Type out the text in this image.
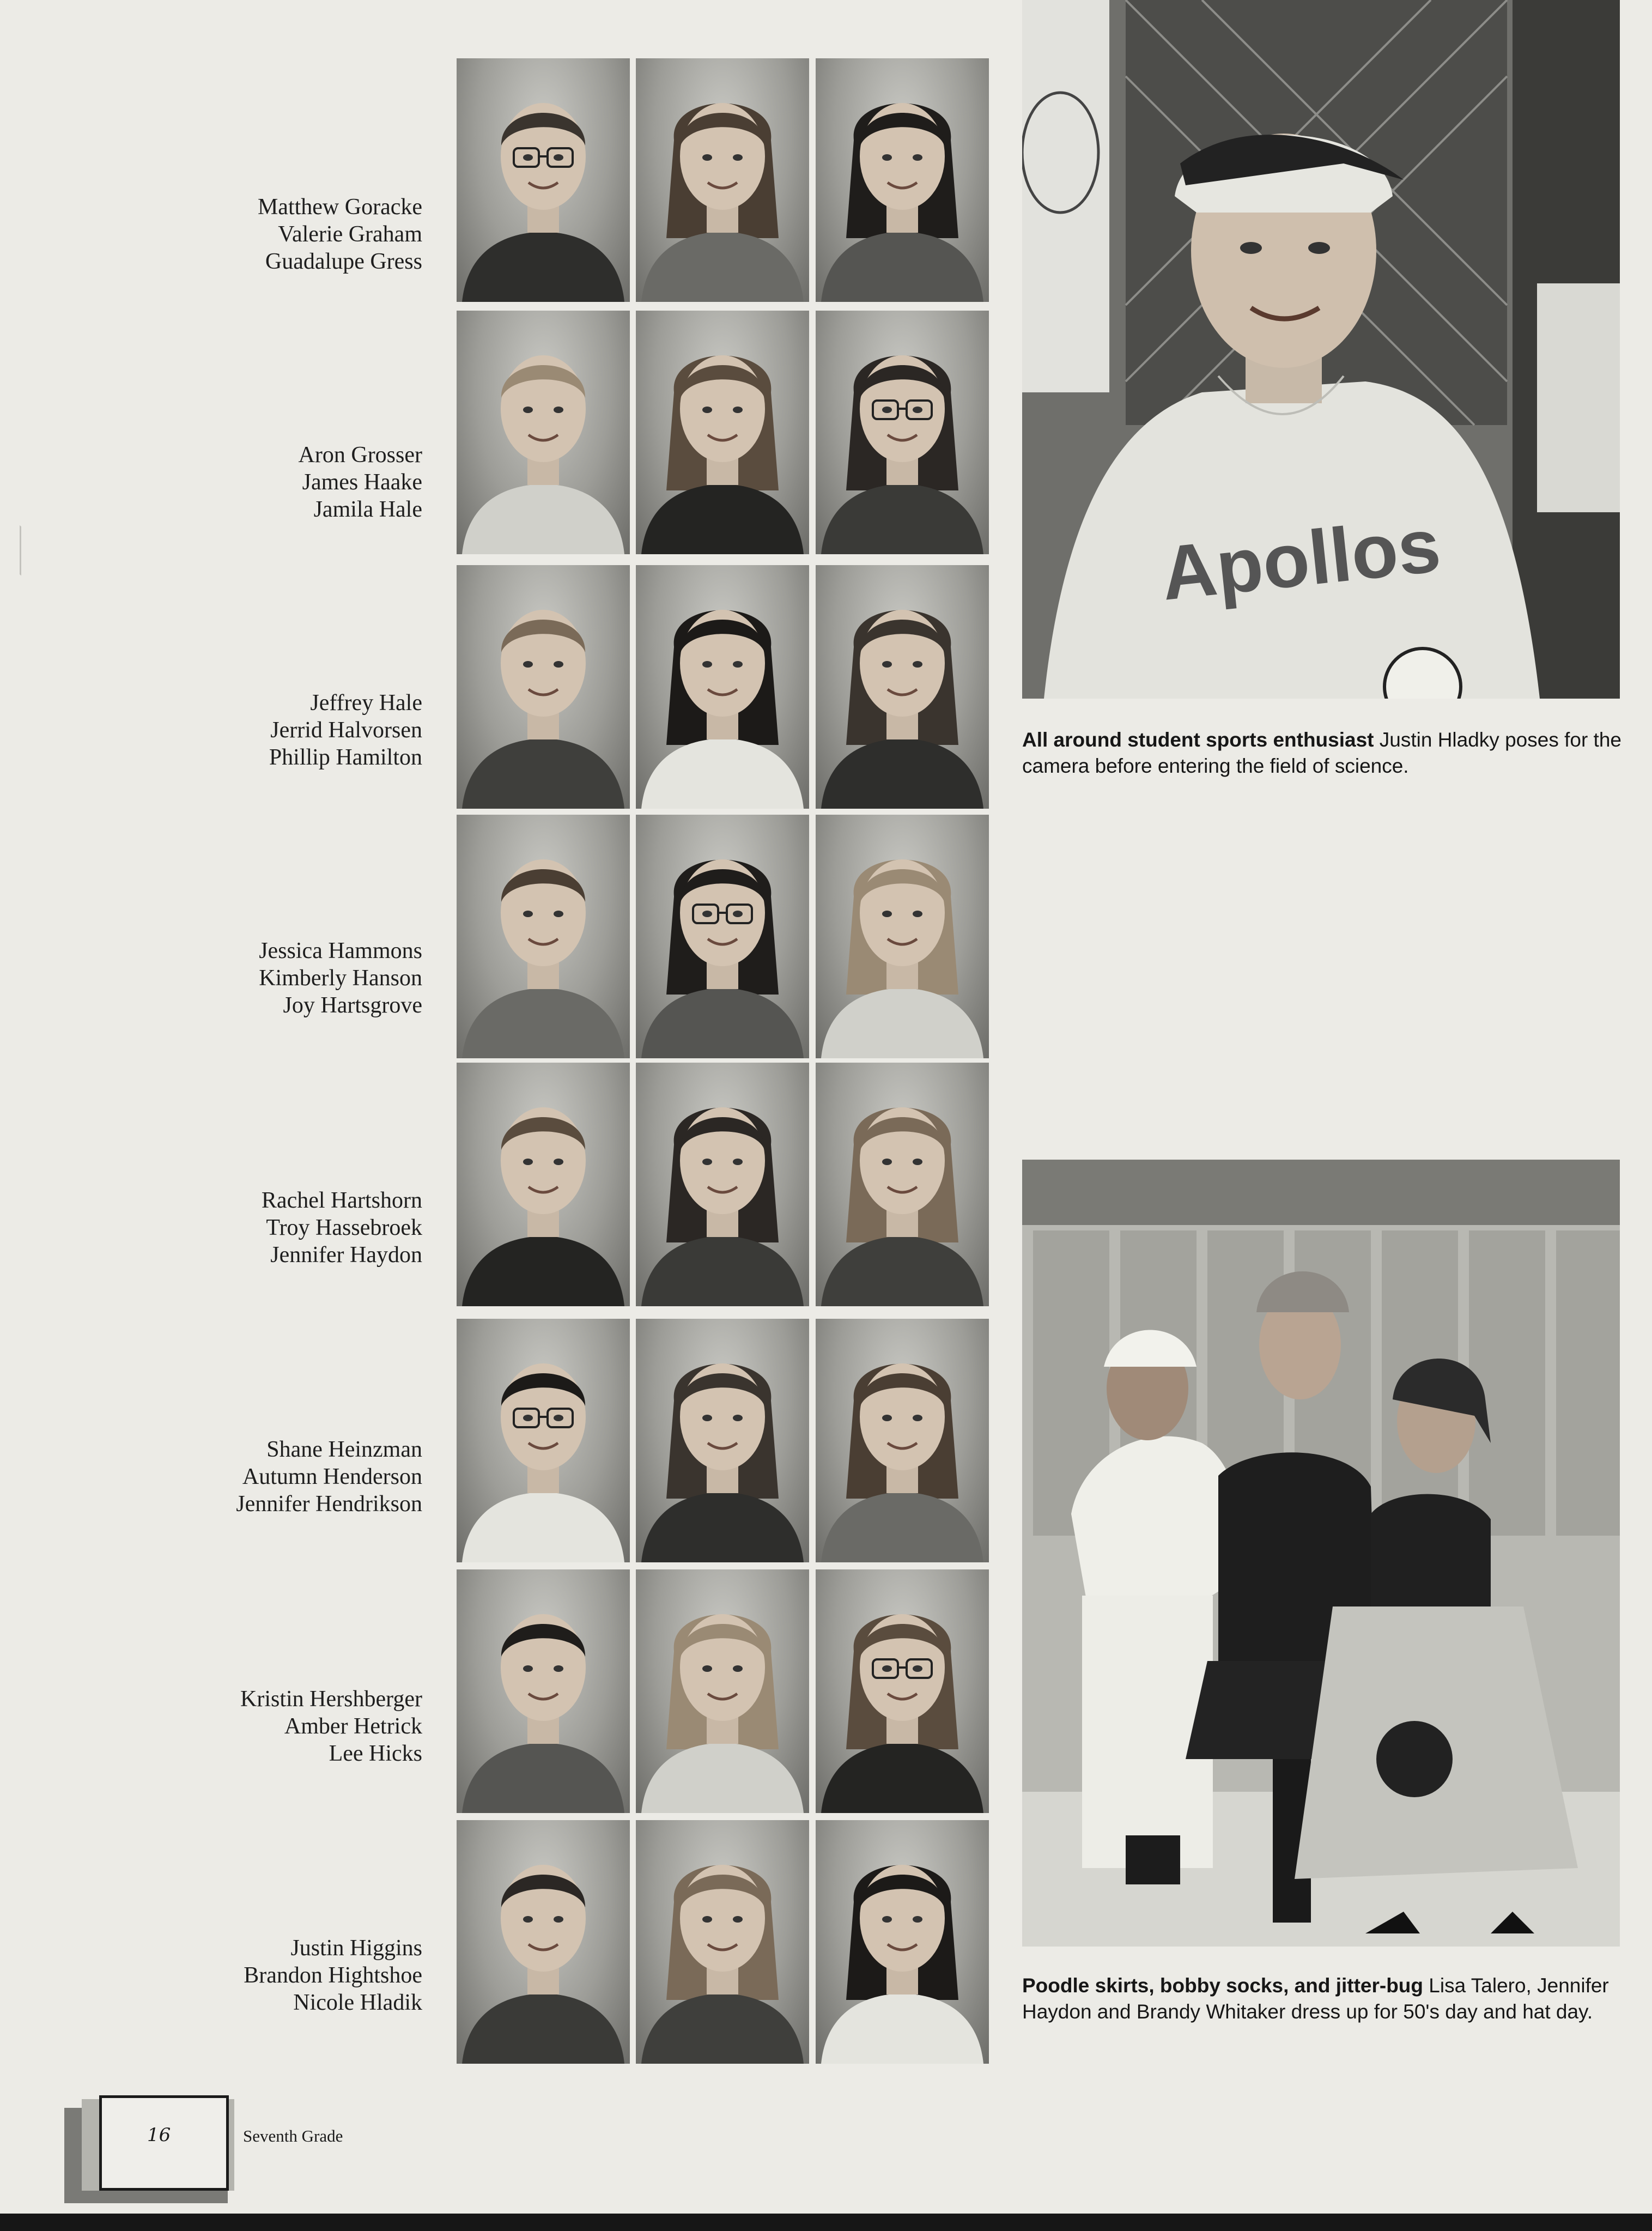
Matthew Goracke
Valerie Graham
Guadalupe Gress
Aron Grosser
James Haake
Jamila Hale
Jeffrey Hale
Jerrid Halvorsen
Phillip Hamilton
Jessica Hammons
Kimberly Hanson
Joy Hartsgrove
Rachel Hartshorn
Troy Hassebroek
Jennifer Haydon
Shane Heinzman
Autumn Henderson
Jennifer Hendrikson
Kristin Hershberger
Amber Hetrick
Lee Hicks
Justin Higgins
Brandon Hightshoe
Nicole Hladik
Apollos
All around student sports enthusiast Justin Hladky poses for the camera before entering the field of science.
Poodle skirts, bobby socks, and jitter-bug Lisa Talero, Jennifer Haydon and Brandy Whitaker dress up for 50's day and hat day.
16	Seventh Grade
